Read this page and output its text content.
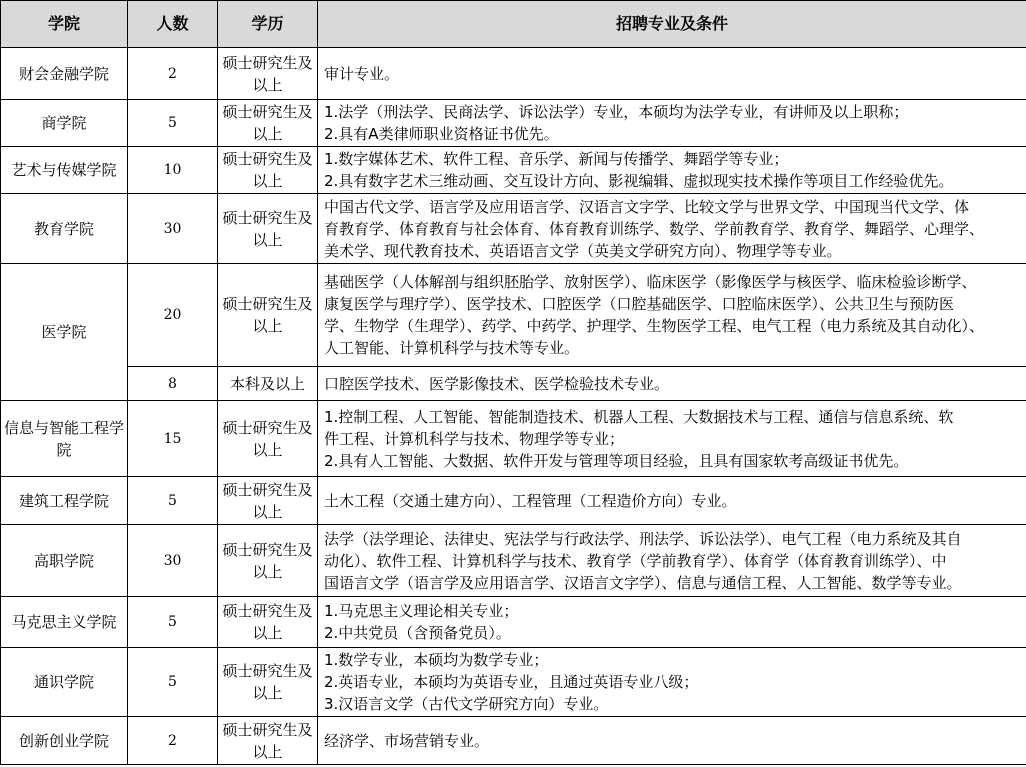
学院	人数	学历	招聘专业及条件
财会金融学院	2	硕士研究生及以上	审计专业。

商学院	5	硕士研究生及以上	1.法学（刑法学、民商法学、诉讼法学）专业，本硕均为法学专业，有讲师及以上职称；
2.具有A类律师职业资格证书优先。

艺术与传媒学院	10	硕士研究生及以上	1.数字媒体艺术、软件工程、音乐学、新闻与传播学、舞蹈学等专业；
2.具有数字艺术三维动画、交互设计方向、影视编辑、虚拟现实技术操作等项目工作经验优先。

教育学院	30	硕士研究生及以上	中国古代文学、语言学及应用语言学、汉语言文字学、比较文学与世界文学、中国现当代文学、体
育教育学、体育教育与社会体育、体育教育训练学、数学、学前教育学、教育学、舞蹈学、心理学、
美术学、现代教育技术、英语语言文学（英美文学研究方向）、物理学等专业。

医学院	20	硕士研究生及以上	基础医学（人体解剖与组织胚胎学、放射医学）、临床医学（影像医学与核医学、临床检验诊断学、
康复医学与理疗学）、医学技术、口腔医学（口腔基础医学、口腔临床医学）、公共卫生与预防医
学、生物学（生理学）、药学、中药学、护理学、生物医学工程、电气工程（电力系统及其自动化）、
人工智能、计算机科学与技术等专业。

	8	本科及以上	口腔医学技术、医学影像技术、医学检验技术专业。

信息与智能工程学院	15	硕士研究生及以上	1.控制工程、人工智能、智能制造技术、机器人工程、大数据技术与工程、通信与信息系统、软
件工程、计算机科学与技术、物理学等专业；
2.具有人工智能、大数据、软件开发与管理等项目经验，且具有国家软考高级证书优先。

建筑工程学院	5	硕士研究生及以上	土木工程（交通土建方向）、工程管理（工程造价方向）专业。

高职学院	30	硕士研究生及以上	法学（法学理论、法律史、宪法学与行政法学、刑法学、诉讼法学）、电气工程（电力系统及其自
动化）、软件工程、计算机科学与技术、教育学（学前教育学）、体育学（体育教育训练学）、中
国语言文学（语言学及应用语言学、汉语言文字学）、信息与通信工程、人工智能、数学等专业。

马克思主义学院	5	硕士研究生及以上	1.马克思主义理论相关专业；
2.中共党员（含预备党员）。

通识学院	5	硕士研究生及以上	1.数学专业，本硕均为数学专业；
2.英语专业，本硕均为英语专业，且通过英语专业八级；
3.汉语言文学（古代文学研究方向）专业。

创新创业学院	2	硕士研究生及以上	经济学、市场营销专业。
